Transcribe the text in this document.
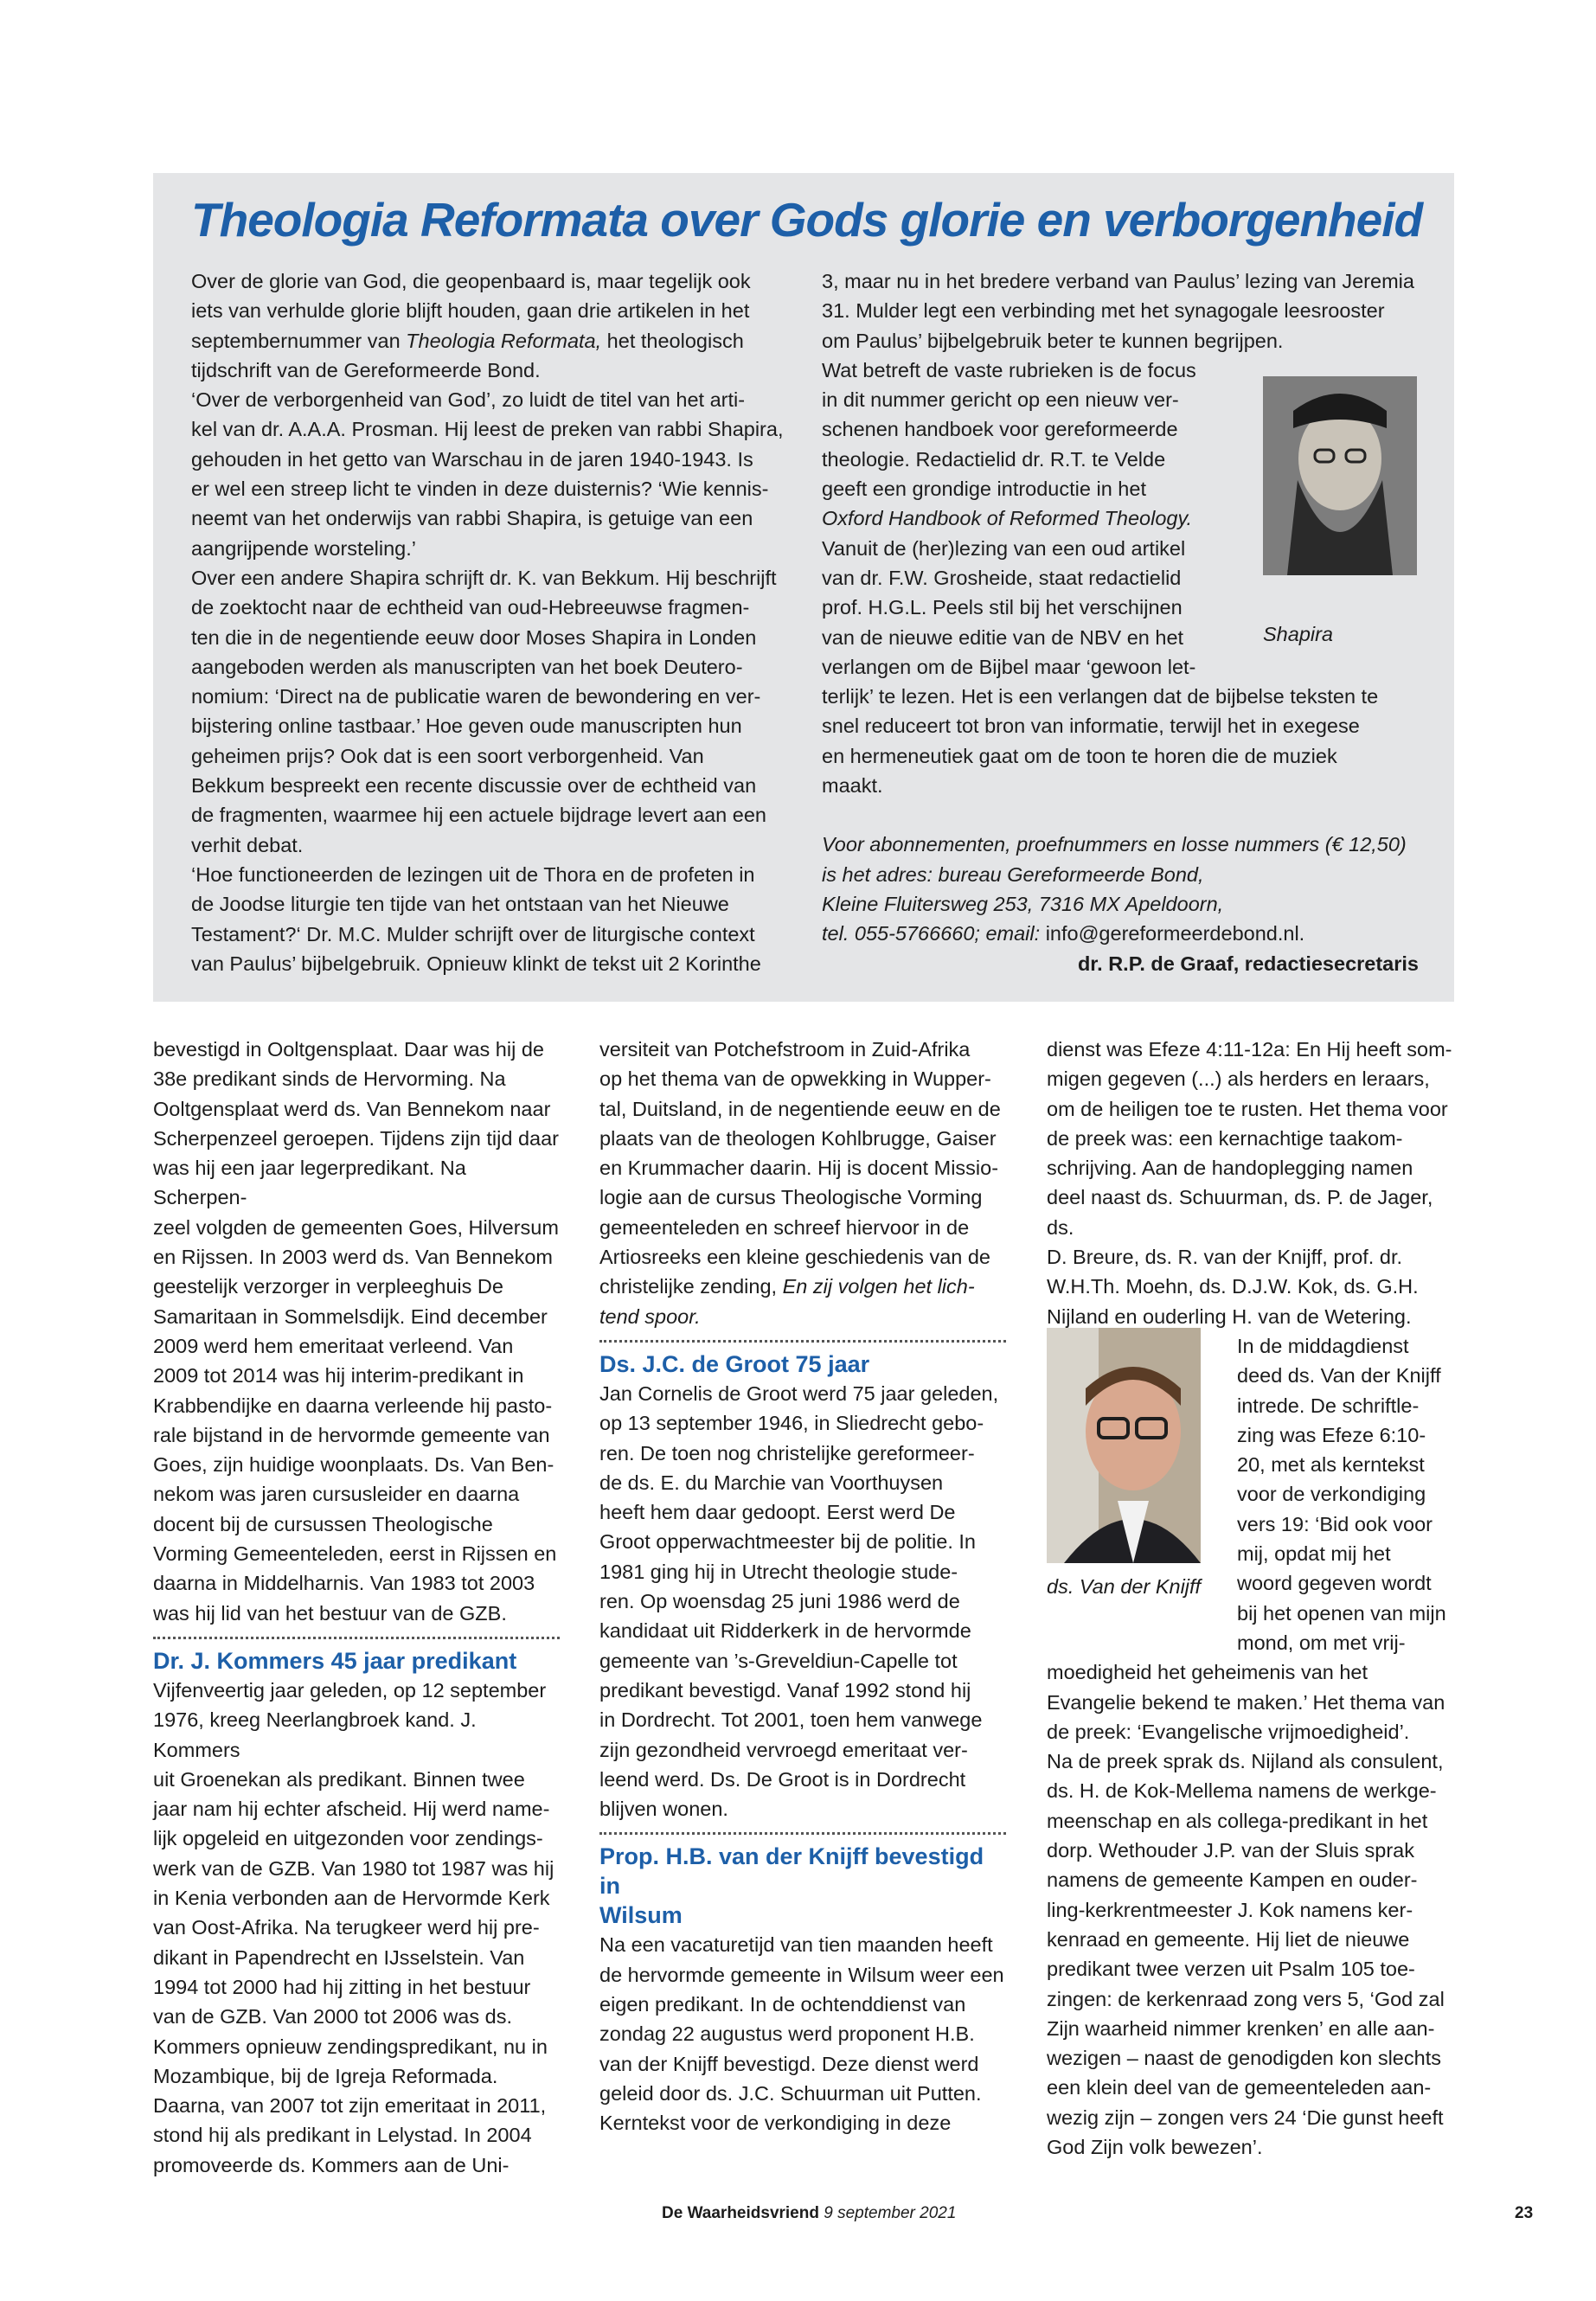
Theologia Reformata over Gods glorie en verborgenheid

Over de glorie van God, die geopenbaard is, maar tegelijk ook

iets van verhulde glorie blijft houden, gaan drie artikelen in het

septembernummer van Theologia Reformata, het theologisch

tijdschrift van de Gereformeerde Bond.

‘Over de verborgenheid van God’, zo luidt de titel van het arti-

kel van dr. A.A.A. Prosman. Hij leest de preken van rabbi Shapira,

gehouden in het getto van Warschau in de jaren 1940-1943. Is

er wel een streep licht te vinden in deze duisternis? ‘Wie kennis-

neemt van het onderwijs van rabbi Shapira, is getuige van een

aangrijpende worsteling.’

Over een andere Shapira schrijft dr. K. van Bekkum. Hij beschrijft

de zoektocht naar de echtheid van oud-Hebreeuwse fragmen-

ten die in de negentiende eeuw door Moses Shapira in Londen

aangeboden werden als manuscripten van het boek Deutero-

nomium: ‘Direct na de publicatie waren de bewondering en ver-

bijstering online tastbaar.’ Hoe geven oude manuscripten hun

geheimen prijs? Ook dat is een soort verborgenheid. Van

Bekkum bespreekt een recente discussie over de echtheid van

de fragmenten, waarmee hij een actuele bijdrage levert aan een

verhit debat.

‘Hoe functioneerden de lezingen uit de Thora en de profeten in

de Joodse liturgie ten tijde van het ontstaan van het Nieuwe

Testament?‘ Dr. M.C. Mulder schrijft over de liturgische context

van Paulus’ bijbelgebruik. Opnieuw klinkt de tekst uit 2 Korinthe

3, maar nu in het bredere verband van Paulus’ lezing van Jeremia

31. Mulder legt een verbinding met het synagogale leesrooster

om Paulus’ bijbelgebruik beter te kunnen begrijpen.

Wat betreft de vaste rubrieken is de focus

in dit nummer gericht op een nieuw ver-

schenen handboek voor gereformeerde

theologie. Redactielid dr. R.T. te Velde

geeft een grondige introductie in het

Oxford Handbook of Reformed Theology.

Vanuit de (her)lezing van een oud artikel

van dr. F.W. Grosheide, staat redactielid

prof. H.G.L. Peels stil bij het verschijnen

van de nieuwe editie van de NBV en het

verlangen om de Bijbel maar ‘gewoon let-

terlijk’ te lezen. Het is een verlangen dat de bijbelse teksten te

snel reduceert tot bron van informatie, terwijl het in exegese

en hermeneutiek gaat om de toon te horen die de muziek

maakt.

Voor abonnementen, proefnummers en losse nummers (€ 12,50)

is het adres: bureau Gereformeerde Bond,

Kleine Fluitersweg 253, 7316 MX Apeldoorn,

tel. 055-5766660; email: info@gereformeerdebond.nl.

dr. R.P. de Graaf, redactiesecretaris

Shapira

bevestigd in Ooltgensplaat. Daar was hij de

38e predikant sinds de Hervorming. Na

Ooltgensplaat werd ds. Van Bennekom naar

Scherpenzeel geroepen. Tijdens zijn tijd daar

was hij een jaar legerpredikant. Na Scherpen-

zeel volgden de gemeenten Goes, Hilversum

en Rijssen. In 2003 werd ds. Van Bennekom

geestelijk verzorger in verpleeghuis De

Samaritaan in Sommelsdijk. Eind december

2009 werd hem emeritaat verleend. Van

2009 tot 2014 was hij interim-predikant in

Krabbendijke en daarna verleende hij pasto-

rale bijstand in de hervormde gemeente van

Goes, zijn huidige woonplaats. Ds. Van Ben-

nekom was jaren cursusleider en daarna

docent bij de cursussen Theologische

Vorming Gemeenteleden, eerst in Rijssen en

daarna in Middelharnis. Van 1983 tot 2003

was hij lid van het bestuur van de GZB.

Dr. J. Kommers 45 jaar predikant

Vijfenveertig jaar geleden, op 12 september

1976, kreeg Neerlangbroek kand. J. Kommers

uit Groenekan als predikant. Binnen twee

jaar nam hij echter afscheid. Hij werd name-

lijk opgeleid en uitgezonden voor zendings-

werk van de GZB. Van 1980 tot 1987 was hij

in Kenia verbonden aan de Hervormde Kerk

van Oost-Afrika. Na terugkeer werd hij pre-

dikant in Papendrecht en IJsselstein. Van

1994 tot 2000 had hij zitting in het bestuur

van de GZB. Van 2000 tot 2006 was ds.

Kommers opnieuw zendingspredikant, nu in

Mozambique, bij de Igreja Reformada.

Daarna, van 2007 tot zijn emeritaat in 2011,

stond hij als predikant in Lelystad. In 2004

promoveerde ds. Kommers aan de Uni-

versiteit van Potchefstroom in Zuid-Afrika

op het thema van de opwekking in Wupper-

tal, Duitsland, in de negentiende eeuw en de

plaats van de theologen Kohlbrugge, Gaiser

en Krummacher daarin. Hij is docent Missio-

logie aan de cursus Theologische Vorming

gemeenteleden en schreef hiervoor in de

Artiosreeks een kleine geschiedenis van de

christelijke zending, En zij volgen het lich-

tend spoor.

Ds. J.C. de Groot 75 jaar

Jan Cornelis de Groot werd 75 jaar geleden,

op 13 september 1946, in Sliedrecht gebo-

ren. De toen nog christelijke gereformeer-

de ds. E. du Marchie van Voorthuysen

heeft hem daar gedoopt. Eerst werd De

Groot opperwachtmeester bij de politie. In

1981 ging hij in Utrecht theologie stude-

ren. Op woensdag 25 juni 1986 werd de

kandidaat uit Ridderkerk in de hervormde

gemeente van ’s-Greveldiun-Capelle tot

predikant bevestigd. Vanaf 1992 stond hij

in Dordrecht. Tot 2001, toen hem vanwege

zijn gezondheid vervroegd emeritaat ver-

leend werd. Ds. De Groot is in Dordrecht

blijven wonen.

Prop. H.B. van der Knijff bevestigd in
Wilsum

Na een vacaturetijd van tien maanden heeft

de hervormde gemeente in Wilsum weer een

eigen predikant. In de ochtenddienst van

zondag 22 augustus werd proponent H.B.

van der Knijff bevestigd. Deze dienst werd

geleid door ds. J.C. Schuurman uit Putten.

Kerntekst voor de verkondiging in deze

dienst was Efeze 4:11-12a: En Hij heeft som-

migen gegeven (...) als herders en leraars,

om de heiligen toe te rusten. Het thema voor

de preek was: een kernachtige taakom-

schrijving. Aan de handoplegging namen

deel naast ds. Schuurman, ds. P. de Jager, ds.

D. Breure, ds. R. van der Knijff, prof. dr.

W.H.Th. Moehn, ds. D.J.W. Kok, ds. G.H.

Nijland en ouderling H. van de Wetering.

In de middagdienst

deed ds. Van der Knijff

intrede. De schriftle-

zing was Efeze 6:10-

20, met als kerntekst

voor de verkondiging

vers 19: ‘Bid ook voor

mij, opdat mij het

woord gegeven wordt

bij het openen van mijn

mond, om met vrij-

moedigheid het geheimenis van het

Evangelie bekend te maken.’ Het thema van

de preek: ‘Evangelische vrijmoedigheid’.

Na de preek sprak ds. Nijland als consulent,

ds. H. de Kok-Mellema namens de werkge-

meenschap en als collega-predikant in het

dorp. Wethouder J.P. van der Sluis sprak

namens de gemeente Kampen en ouder-

ling-kerkrentmeester J. Kok namens ker-

kenraad en gemeente. Hij liet de nieuwe

predikant twee verzen uit Psalm 105 toe-

zingen: de kerkenraad zong vers 5, ‘God zal

Zijn waarheid nimmer krenken’ en alle aan-

wezigen – naast de genodigden kon slechts

een klein deel van de gemeenteleden aan-

wezig zijn – zongen vers 24 ‘Die gunst heeft

God Zijn volk bewezen’.

ds. Van der Knijff
De Waarheidsvriend 9 september 2021	23
